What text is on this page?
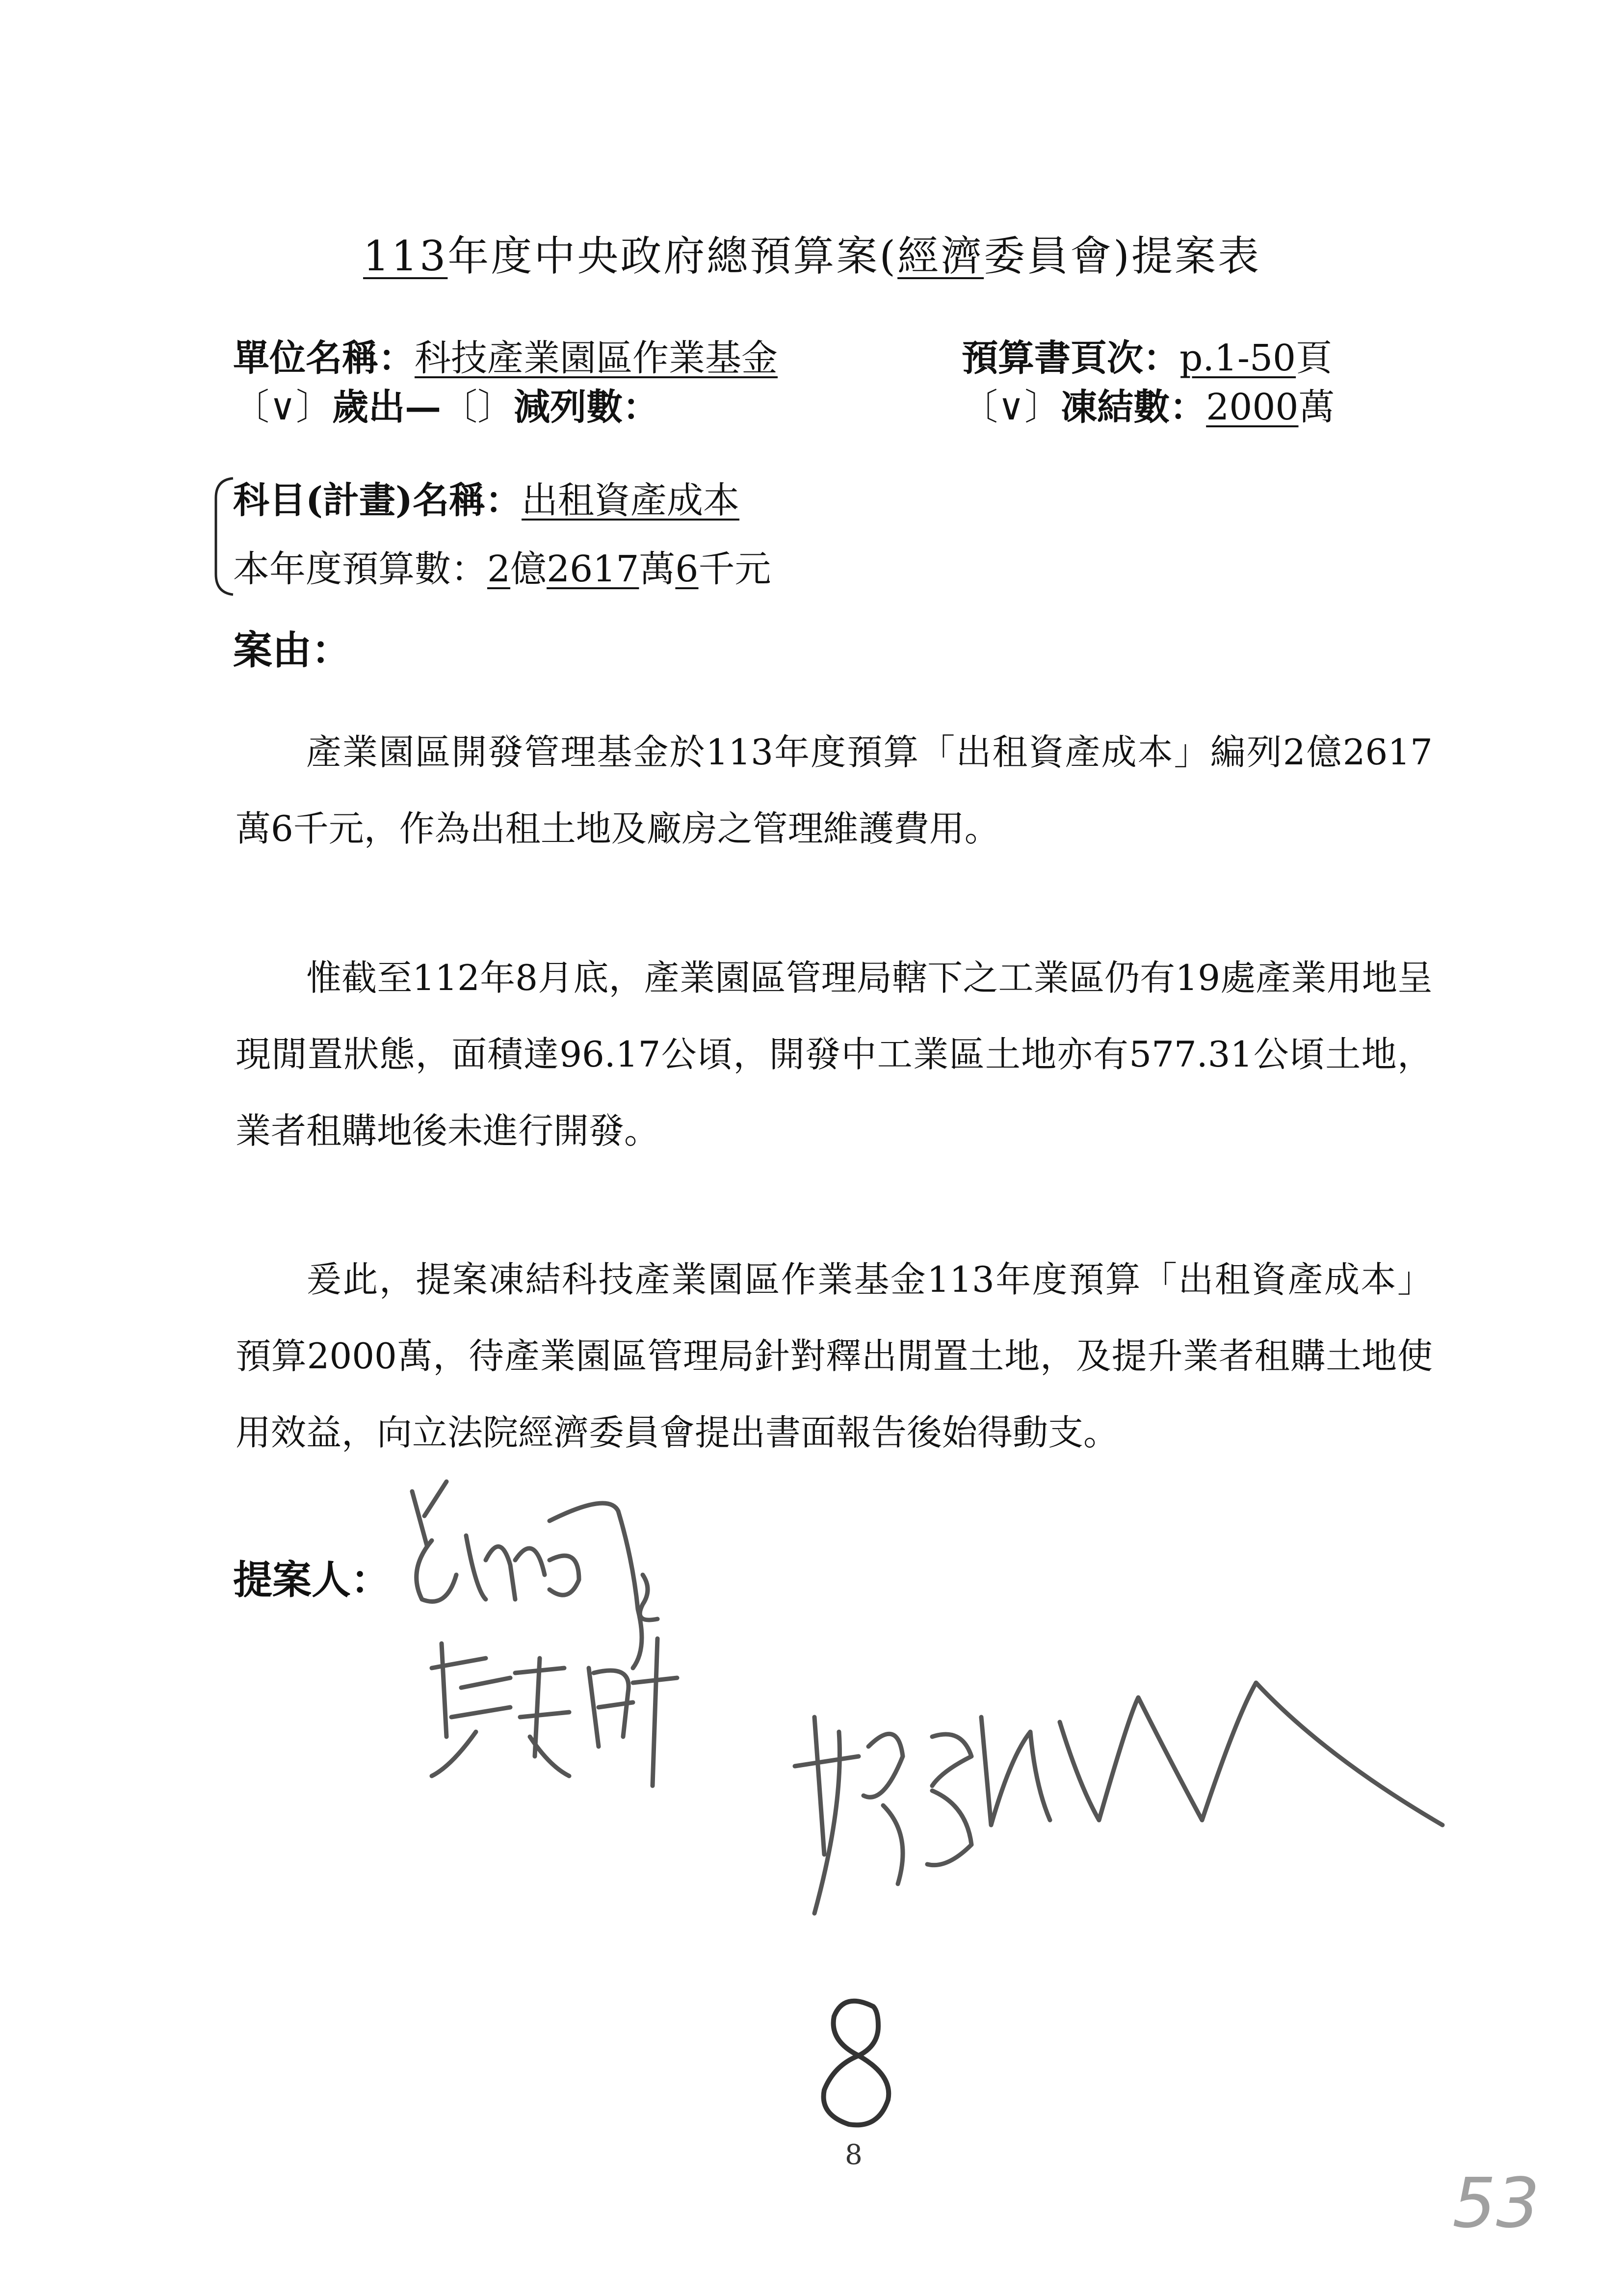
113年度中央政府總預算案(經濟委員會)提案表
單位名稱：科技產業園區作業基金	預算書頁次：p.1-50頁
〔∨〕歲出—〔〕減列數：	〔∨〕凍結數：2000萬
科目(計畫)名稱：出租資產成本
本年度預算數：2億2617萬6千元
案由：
產業園區開發管理基金於113年度預算「出租資產成本」編列2億2617萬6千元，作為出租土地及廠房之管理維護費用。
惟截至112年8月底，產業園區管理局轄下之工業區仍有19處產業用地呈現閒置狀態，面積達96.17公頃，開發中工業區土地亦有577.31公頃土地，業者租購地後未進行開發。
爰此，提案凍結科技產業園區作業基金113年度預算「出租資產成本」預算2000萬，待產業園區管理局針對釋出閒置土地，及提升業者租購土地使用效益，向立法院經濟委員會提出書面報告後始得動支。
提案人：
8
53
